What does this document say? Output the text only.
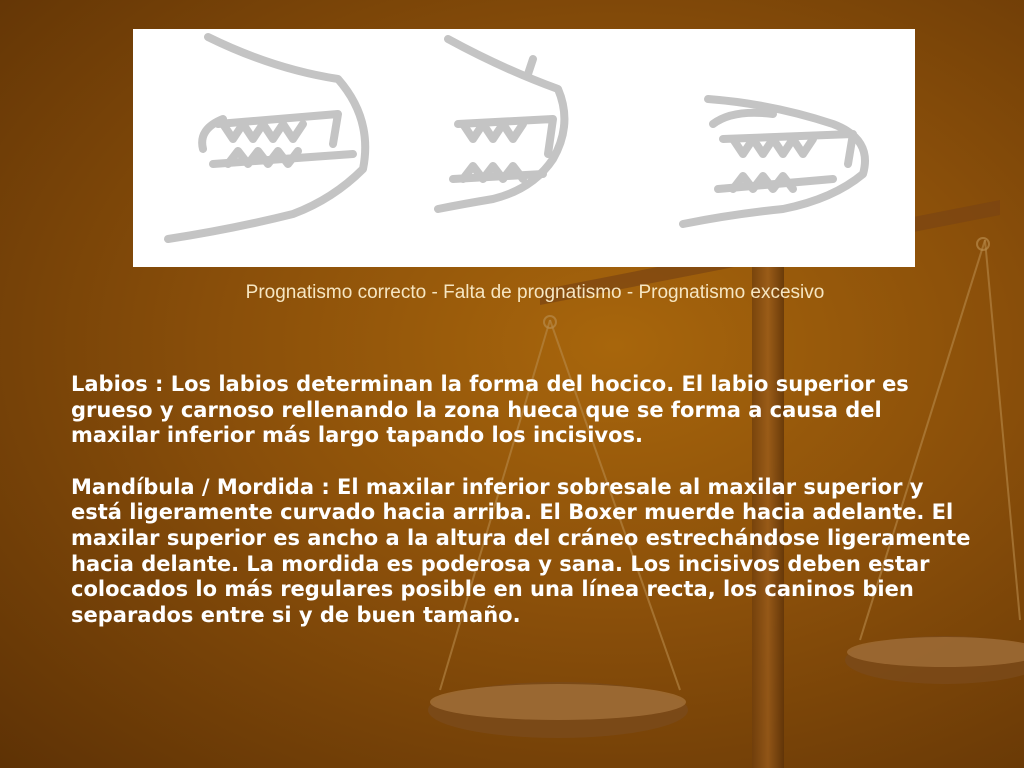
Prognatismo correcto - Falta de prognatismo - Prognatismo excesivo

Labios : Los labios determinan la forma del hocico. El labio superior es grueso y carnoso rellenando la zona hueca que se forma a causa del maxilar inferior más largo tapando los incisivos.

Mandíbula / Mordida : El maxilar inferior sobresale al maxilar superior y está ligeramente curvado hacia arriba. El Boxer muerde hacia adelante. El maxilar superior es ancho a la altura del cráneo estrechándose ligeramente hacia delante. La mordida es poderosa y sana. Los incisivos deben estar colocados lo más regulares posible en una línea recta, los caninos bien separados entre si y de buen tamaño.
